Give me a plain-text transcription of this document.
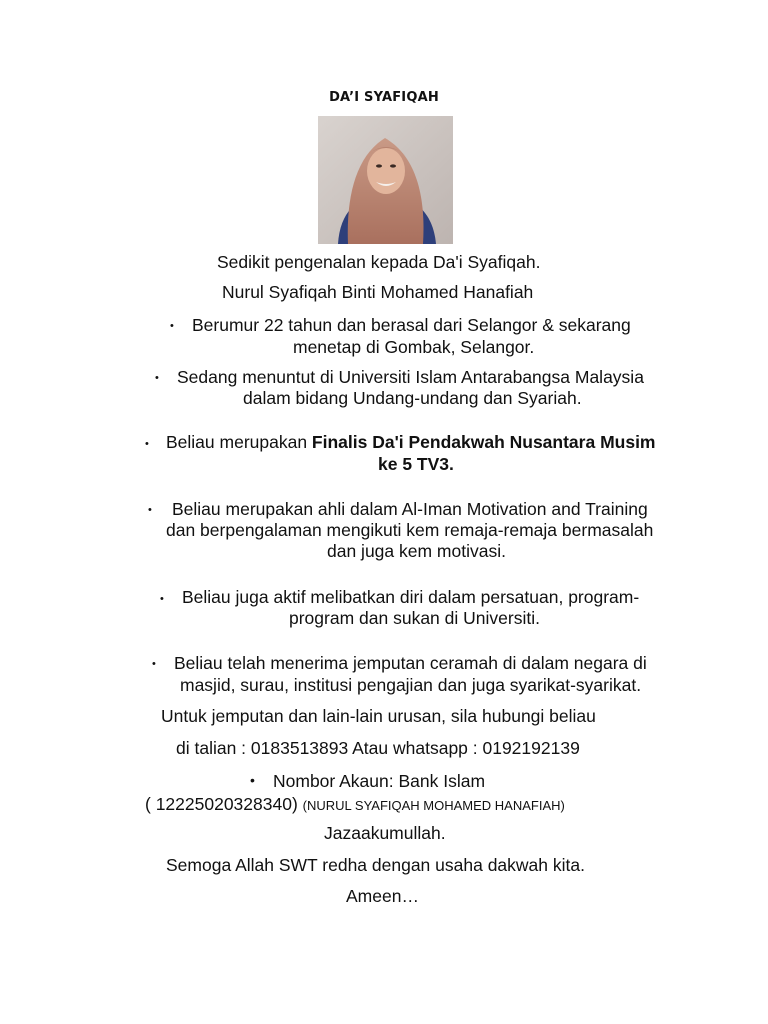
DA’I SYAFIQAH
Sedikit pengenalan kepada Da'i Syafiqah.
Nurul Syafiqah Binti Mohamed Hanafiah
• Berumur 22 tahun dan berasal dari Selangor & sekarang
menetap di Gombak, Selangor.
• Sedang menuntut di Universiti Islam Antarabangsa Malaysia
dalam bidang Undang-undang dan Syariah.
• Beliau merupakan Finalis Da'i Pendakwah Nusantara Musim
ke 5 TV3.
• Beliau merupakan ahli dalam Al-Iman Motivation and Training
dan berpengalaman mengikuti kem remaja-remaja bermasalah
dan juga kem motivasi.
• Beliau juga aktif melibatkan diri dalam persatuan, program-
program dan sukan di Universiti.
• Beliau telah menerima jemputan ceramah di dalam negara di
masjid, surau, institusi pengajian dan juga syarikat-syarikat.
Untuk jemputan dan lain-lain urusan, sila hubungi beliau
di talian : 0183513893 Atau whatsapp : 0192192139
• Nombor Akaun: Bank Islam
( 12225020328340) (NURUL SYAFIQAH MOHAMED HANAFIAH)
Jazaakumullah.
Semoga Allah SWT redha dengan usaha dakwah kita.
Ameen…
